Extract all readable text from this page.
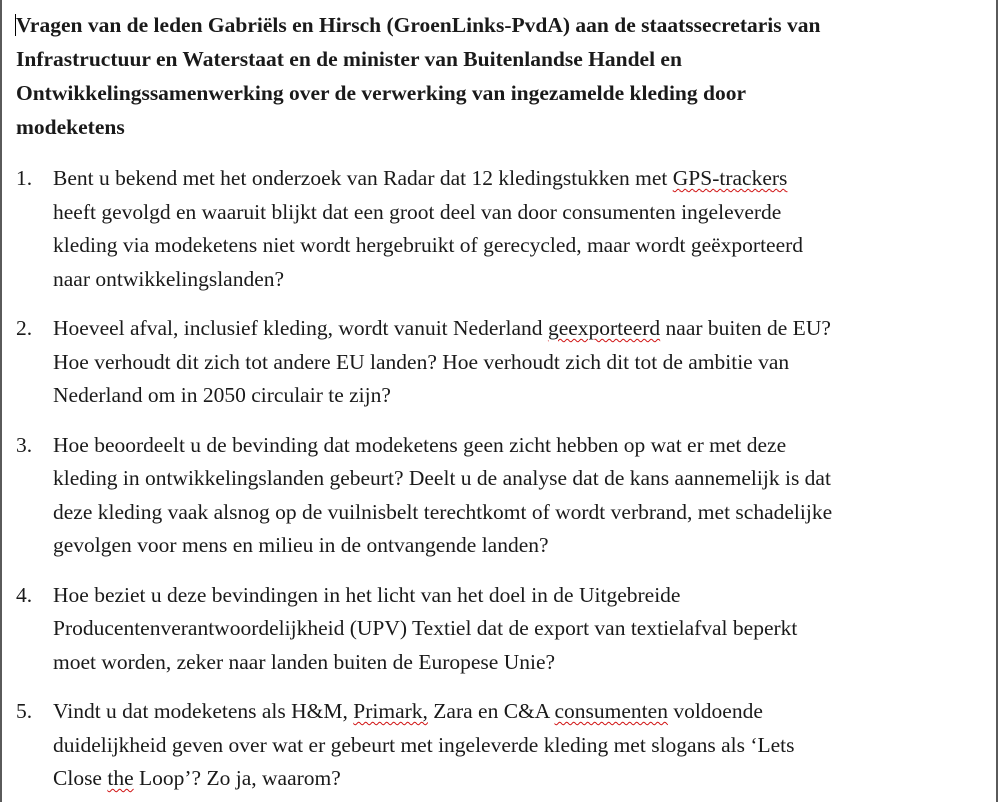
Vragen van de leden Gabriëls en Hirsch (GroenLinks-PvdA) aan de staatssecretaris van
Infrastructuur en Waterstaat en de minister van Buitenlandse Handel en
Ontwikkelingssamenwerking over de verwerking van ingezamelde kleding door
modeketens
1. Bent u bekend met het onderzoek van Radar dat 12 kledingstukken met GPS-trackers
heeft gevolgd en waaruit blijkt dat een groot deel van door consumenten ingeleverde
kleding via modeketens niet wordt hergebruikt of gerecycled, maar wordt geëxporteerd
naar ontwikkelingslanden?
2. Hoeveel afval, inclusief kleding, wordt vanuit Nederland geexporteerd naar buiten de EU?
Hoe verhoudt dit zich tot andere EU landen? Hoe verhoudt zich dit tot de ambitie van
Nederland om in 2050 circulair te zijn?
3. Hoe beoordeelt u de bevinding dat modeketens geen zicht hebben op wat er met deze
kleding in ontwikkelingslanden gebeurt? Deelt u de analyse dat de kans aannemelijk is dat
deze kleding vaak alsnog op de vuilnisbelt terechtkomt of wordt verbrand, met schadelijke
gevolgen voor mens en milieu in de ontvangende landen?
4. Hoe beziet u deze bevindingen in het licht van het doel in de Uitgebreide
Producentenverantwoordelijkheid (UPV) Textiel dat de export van textielafval beperkt
moet worden, zeker naar landen buiten de Europese Unie?
5. Vindt u dat modeketens als H&M, Primark, Zara en C&A consumenten voldoende
duidelijkheid geven over wat er gebeurt met ingeleverde kleding met slogans als ‘Lets
Close the Loop’? Zo ja, waarom?
